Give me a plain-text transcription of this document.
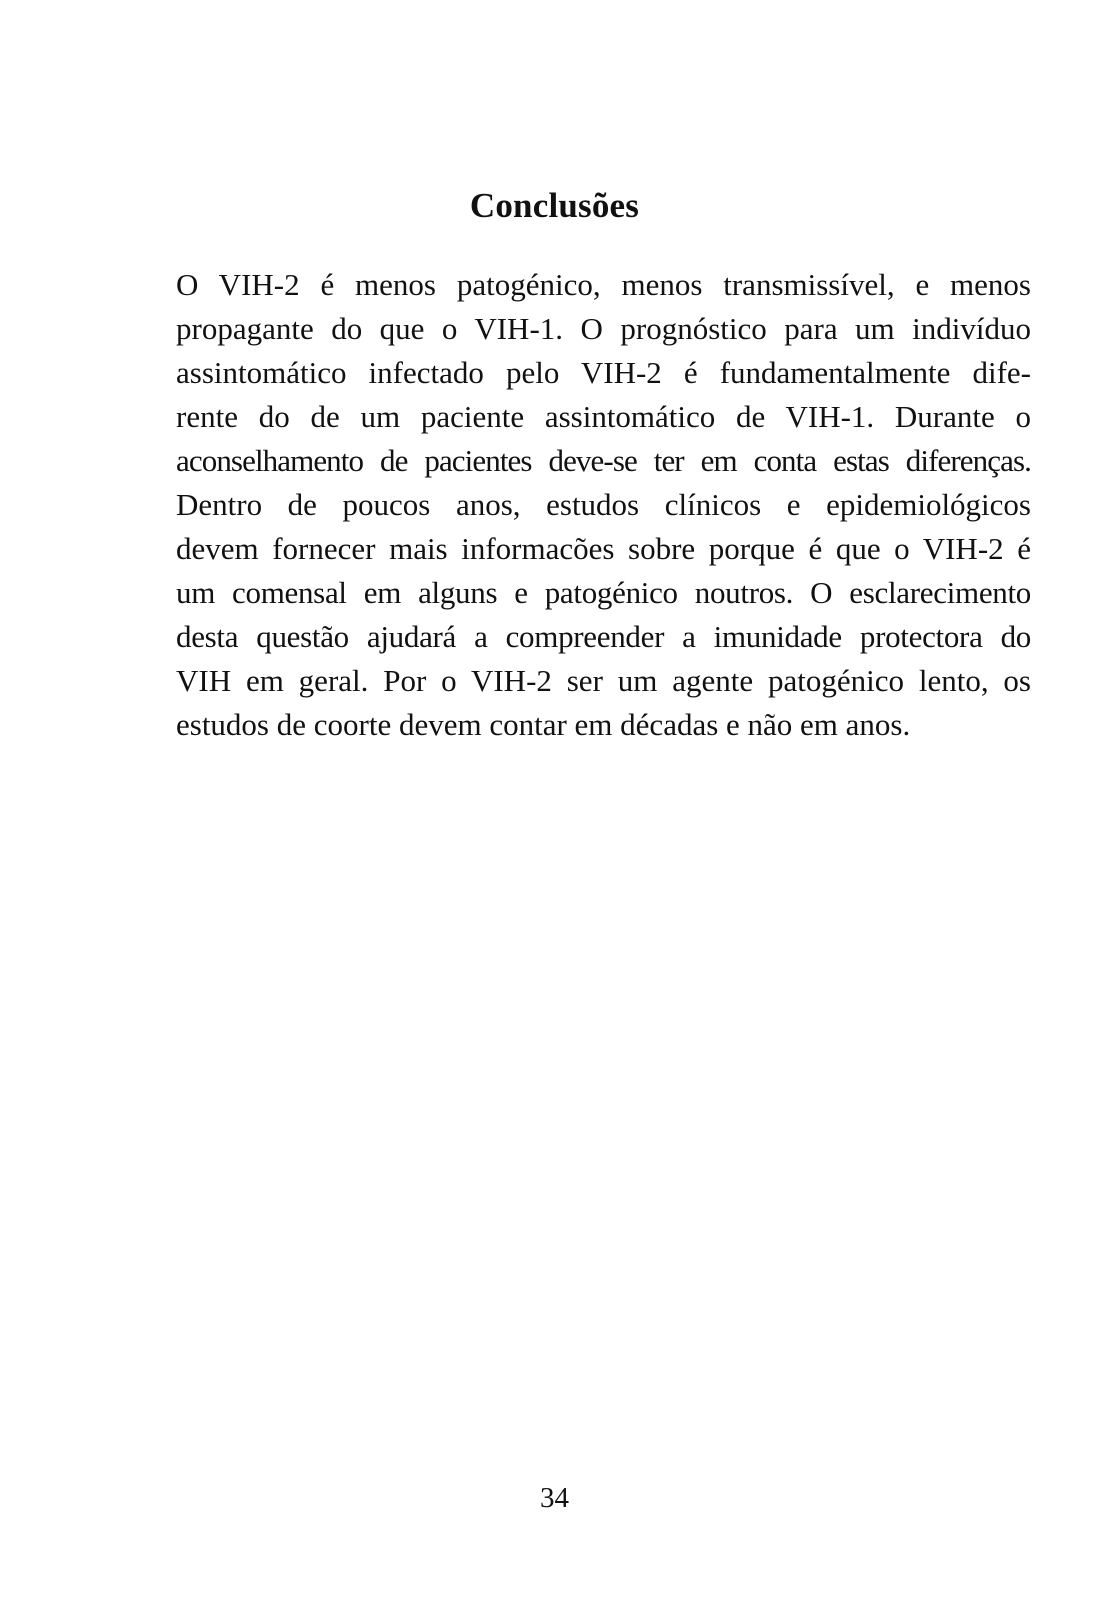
Conclusões
O VIH-2 é menos patogénico, menos transmissível, e menos
propagante do que o VIH-1. O prognóstico para um indivíduo
assintomático infectado pelo VIH-2 é fundamentalmente dife-
rente do de um paciente assintomático de VIH-1. Durante o
aconselhamento de pacientes deve-se ter em conta estas diferenças.
Dentro de poucos anos, estudos clínicos e epidemiológicos
devem fornecer mais informacões sobre porque é que o VIH-2 é
um comensal em alguns e patogénico noutros. O esclarecimento
desta questão ajudará a compreender a imunidade protectora do
VIH em geral. Por o VIH-2 ser um agente patogénico lento, os
estudos de coorte devem contar em décadas e não em anos.
34
